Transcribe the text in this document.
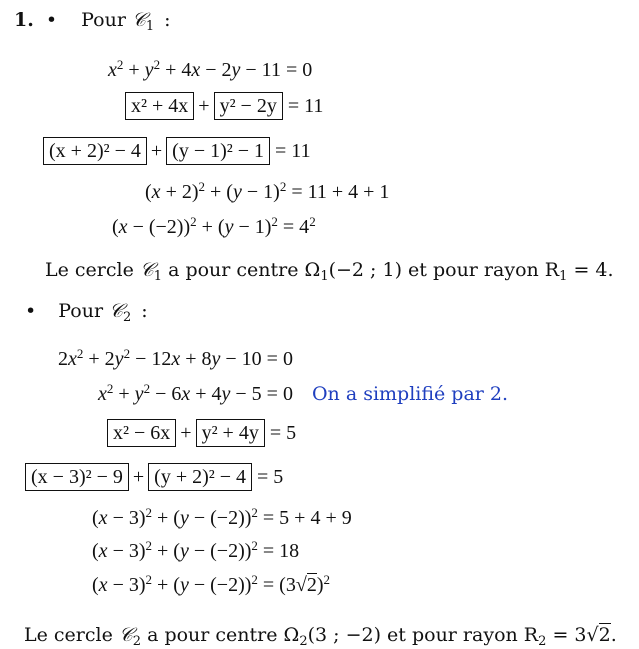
1. • Pour 𝒞$_1$ :
$x^2 + y^2 + 4x - 2y - 11 = 0$
x² + 4x + y² − 2y = 11
(x + 2)² − 4 + (y − 1)² − 1 = 11
$(x + 2)^2 + (y - 1)^2 = 11 + 4 + 1$
$(x - (-2))^2 + (y - 1)^2 = 4^2$
Le cercle 𝒞$_1$ a pour centre $\Omega_1(-2$ ; 1) et pour rayon $R_1 = 4$.
• Pour 𝒞$_2$ :
$2x^2 + 2y^2 - 12x + 8y - 10 = 0$
$x^2 + y^2 - 6x + 4y - 5 = 0$ On a simplifié par 2.
x² − 6x + y² + 4y = 5
(x − 3)² − 9 + (y + 2)² − 4 = 5
$(x - 3)^2 + (y - (-2))^2 = 5 + 4 + 9$
$(x - 3)^2 + (y - (-2))^2 = 18$
$(x - 3)^2 + (y - (-2))^2 = (3√2)^2$
Le cercle 𝒞$_2$ a pour centre $\Omega_2(3$ ; −2) et pour rayon $R_2 = 3√2$.
